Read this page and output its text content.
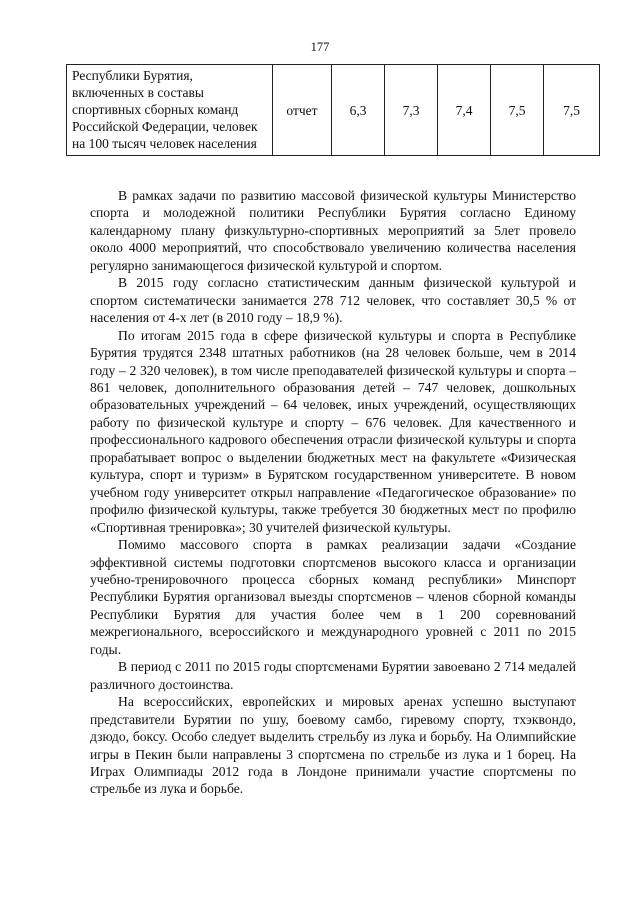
177
Республики Бурятия, включенных в составы спортивных сборных команд Российской Федерации, человек на 100 тысяч человек населения	отчет	6,3	7,3	7,4	7,5	7,5

В рамках задачи по развитию массовой физической культуры Министерство спорта и молодежной политики Республики Бурятия согласно Единому календарному плану физкультурно-спортивных мероприятий за 5лет провело около 4000 мероприятий, что способствовало увеличению количества населения регулярно занимающегося физической культурой и спортом.

В 2015 году согласно статистическим данным физической культурой и спортом систематически занимается 278 712 человек, что составляет 30,5 % от населения от 4-х лет (в 2010 году – 18,9 %).

По итогам 2015 года в сфере физической культуры и спорта в Республике Бурятия трудятся 2348 штатных работников (на 28 человек больше, чем в 2014 году – 2 320 человек), в том числе преподавателей физической культуры и спорта – 861 человек, дополнительного образования детей – 747 человек, дошкольных образовательных учреждений – 64 человек, иных учреждений, осуществляющих работу по физической культуре и спорту – 676 человек. Для качественного и профессионального кадрового обеспечения отрасли физической культуры и спорта прорабатывает вопрос о выделении бюджетных мест на факультете «Физическая культура, спорт и туризм» в Бурятском государственном университете. В новом учебном году университет открыл направление «Педагогическое образование» по профилю физической культуры, также требуется 30 бюджетных мест по профилю «Спортивная тренировка»; 30 учителей физической культуры.

Помимо массового спорта в рамках реализации задачи «Создание эффективной системы подготовки спортсменов высокого класса и организации учебно-тренировочного процесса сборных команд республики» Минспорт Республики Бурятия организовал выезды спортсменов – членов сборной команды Республики Бурятия для участия более чем в 1 200 соревнований межрегионального, всероссийского и международного уровней с 2011 по 2015 годы.

В период с 2011 по 2015 годы спортсменами Бурятии завоевано 2 714 медалей различного достоинства.

На всероссийских, европейских и мировых аренах успешно выступают представители Бурятии по ушу, боевому самбо, гиревому спорту, тхэквондо, дзюдо, боксу. Особо следует выделить стрельбу из лука и борьбу. На Олимпийские игры в Пекин были направлены 3 спортсмена по стрельбе из лука и 1 борец. На Играх Олимпиады 2012 года в Лондоне принимали участие спортсмены по стрельбе из лука и борьбе.
